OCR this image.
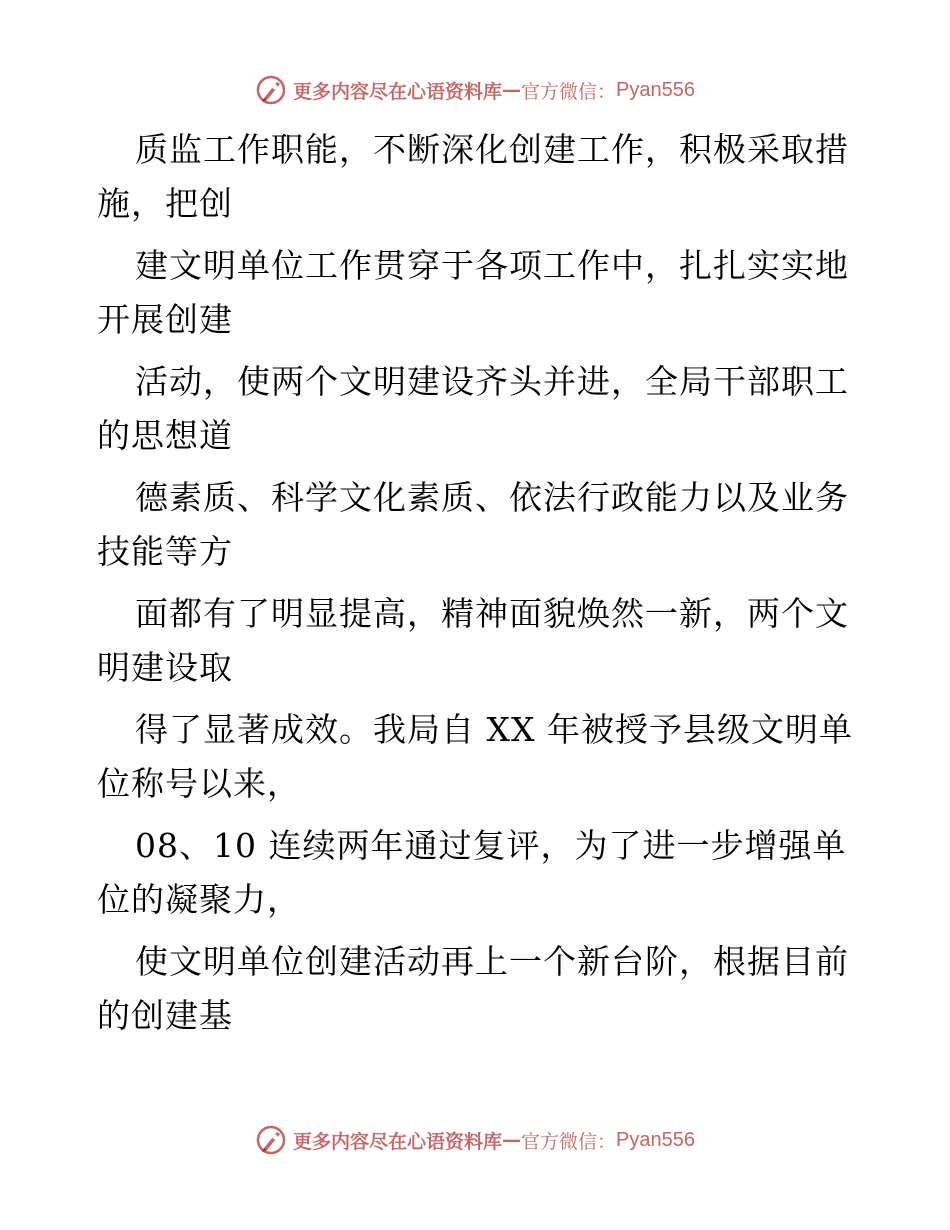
更多内容尽在心语资料库 — 官方微信： Pyan556
质监工作职能，不断深化创建工作，积极采取措
施，把创
建文明单位工作贯穿于各项工作中，扎扎实实地
开展创建
活动，使两个文明建设齐头并进，全局干部职工
的思想道
德素质、科学文化素质、依法行政能力以及业务
技能等方
面都有了明显提高，精神面貌焕然一新，两个文
明建设取
得了显著成效。我局自 XX 年被授予县级文明单
位称号以来，
08、10 连续两年通过复评，为了进一步增强单
位的凝聚力，
使文明单位创建活动再上一个新台阶，根据目前
的创建基
更多内容尽在心语资料库 — 官方微信： Pyan556
